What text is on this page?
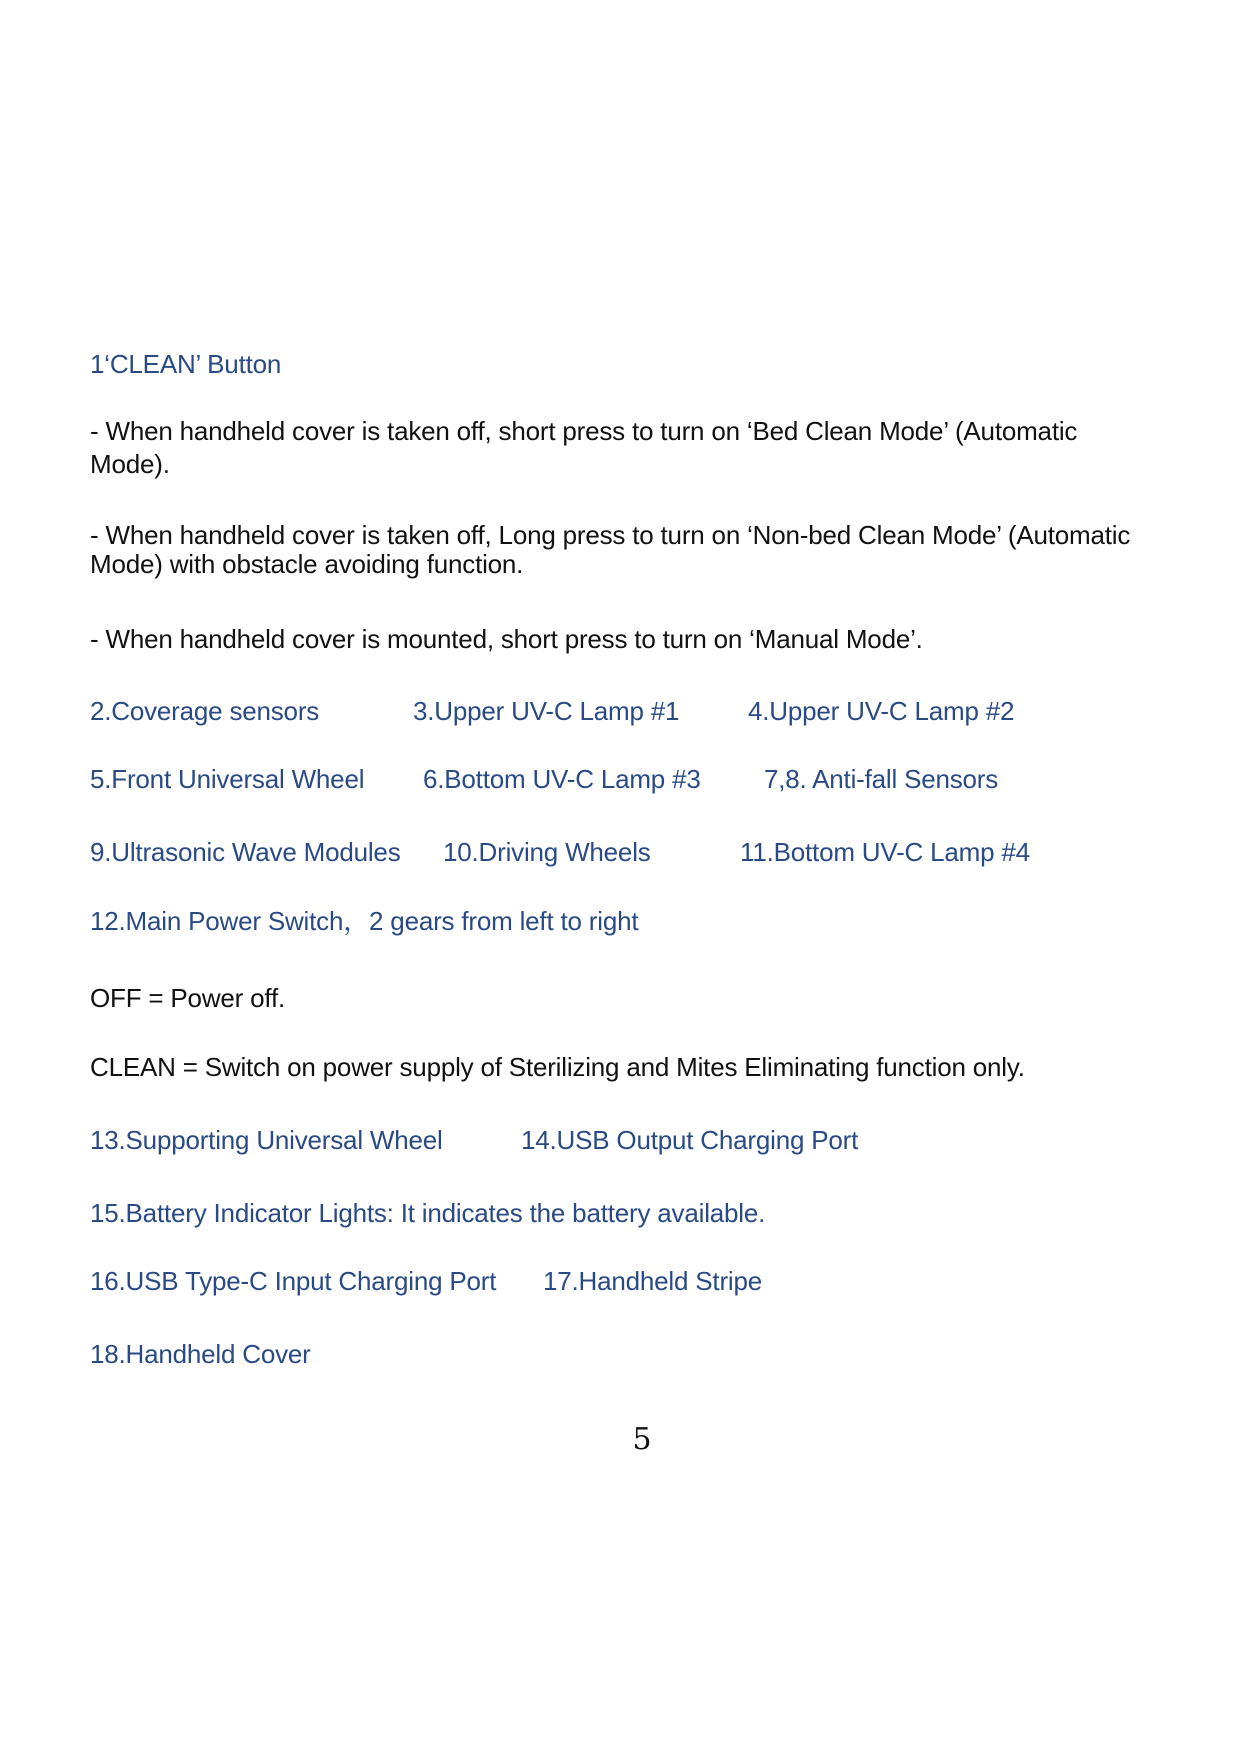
1‘CLEAN’ Button
- When handheld cover is taken off, short press to turn on ‘Bed Clean Mode’ (Automatic Mode).
- When handheld cover is taken off, Long press to turn on ‘Non-bed Clean Mode’ (Automatic Mode) with obstacle avoiding function.
- When handheld cover is mounted, short press to turn on ‘Manual Mode’.
2.Coverage sensors	3.Upper UV-C Lamp #1	4.Upper UV-C Lamp #2
5.Front Universal Wheel 6.Bottom UV-C Lamp #3 7,8. Anti-fall Sensors
9.Ultrasonic Wave Modules 10.Driving Wheels	11.Bottom UV-C Lamp #4
12.Main Power Switch，2 gears from left to right
OFF = Power off.
CLEAN = Switch on power supply of Sterilizing and Mites Eliminating function only.
13.Supporting Universal Wheel	14.USB Output Charging Port
15.Battery Indicator Lights: It indicates the battery available.
16.USB Type-C Input Charging Port 17.Handheld Stripe
18.Handheld Cover
5
